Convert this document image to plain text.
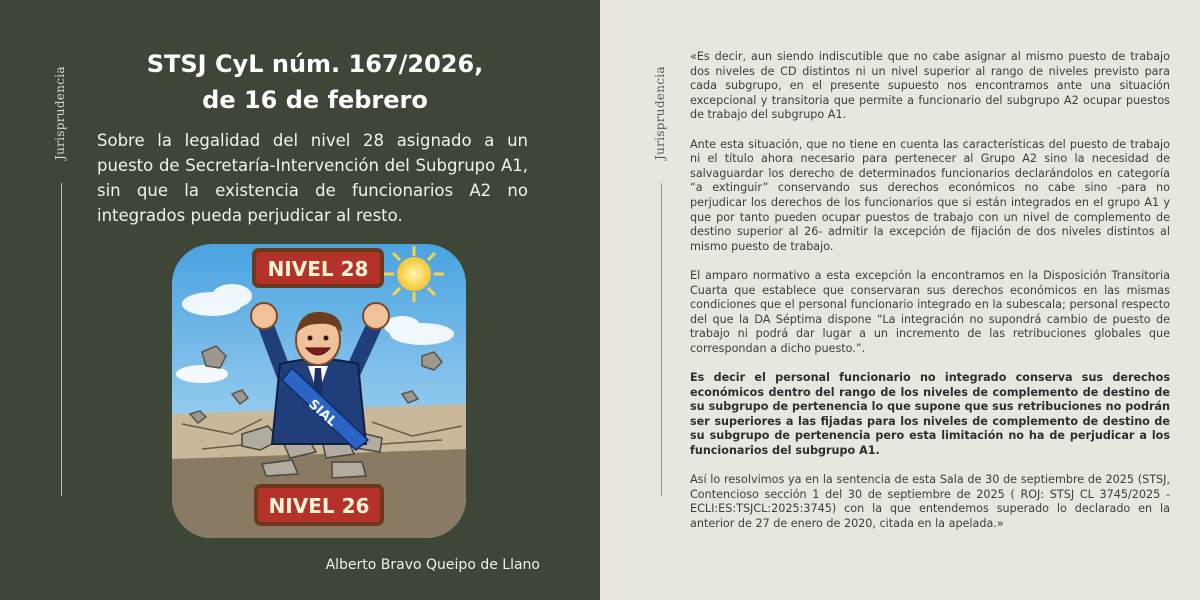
Jurisprudencia
STSJ CyL núm. 167/2026,
de 16 de febrero
Sobre la legalidad del nivel 28 asignado a un puesto de Secretaría-Intervención del Subgrupo A1, sin que la existencia de funcionarios A2 no integrados pueda perjudicar al resto.
NIVEL 28
SIAL
NIVEL 26
Alberto Bravo Queipo de Llano
Jurisprudencia

«Es decir, aun siendo indiscutible que no cabe asignar al mismo puesto de trabajo dos niveles de CD distintos ni un nivel superior al rango de niveles previsto para cada subgrupo, en el presente supuesto nos encontramos ante una situación excepcional y transitoria que permite a funcionario del subgrupo A2 ocupar puestos de trabajo del subgrupo A1.

Ante esta situación, que no tiene en cuenta las características del puesto de trabajo ni el título ahora necesario para pertenecer al Grupo A2 sino la necesidad de salvaguardar los derecho de determinados funcionarios declarándolos en categoría “a extinguir” conservando sus derechos económicos no cabe sino -para no perjudicar los derechos de los funcionarios que si están integrados en el grupo A1 y que por tanto pueden ocupar puestos de trabajo con un nivel de complemento de destino superior al 26- admitir la excepción de fijación de dos niveles distintos al mismo puesto de trabajo.

El amparo normativo a esta excepción la encontramos en la Disposición Transitoria Cuarta que establece que conservaran sus derechos económicos en las mismas condiciones que el personal funcionario integrado en la subescala; personal respecto del que la DA Séptima dispone “La integración no supondrá cambio de puesto de trabajo ni podrá dar lugar a un incremento de las retribuciones globales que correspondan a dicho puesto.”.

Es decir el personal funcionario no integrado conserva sus derechos económicos dentro del rango de los niveles de complemento de destino de su subgrupo de pertenencia lo que supone que sus retribuciones no podrán ser superiores a las fijadas para los niveles de complemento de destino de su subgrupo de pertenencia pero esta limitación no ha de perjudicar a los funcionarios del subgrupo A1.

Así lo resolvimos ya en la sentencia de esta Sala de 30 de septiembre de 2025 (STSJ, Contencioso sección 1 del 30 de septiembre de 2025 ( ROJ: STSJ CL 3745/2025 - ECLI:ES:TSJCL:2025:3745) con la que entendemos superado lo declarado en la anterior de 27 de enero de 2020, citada en la apelada.»
